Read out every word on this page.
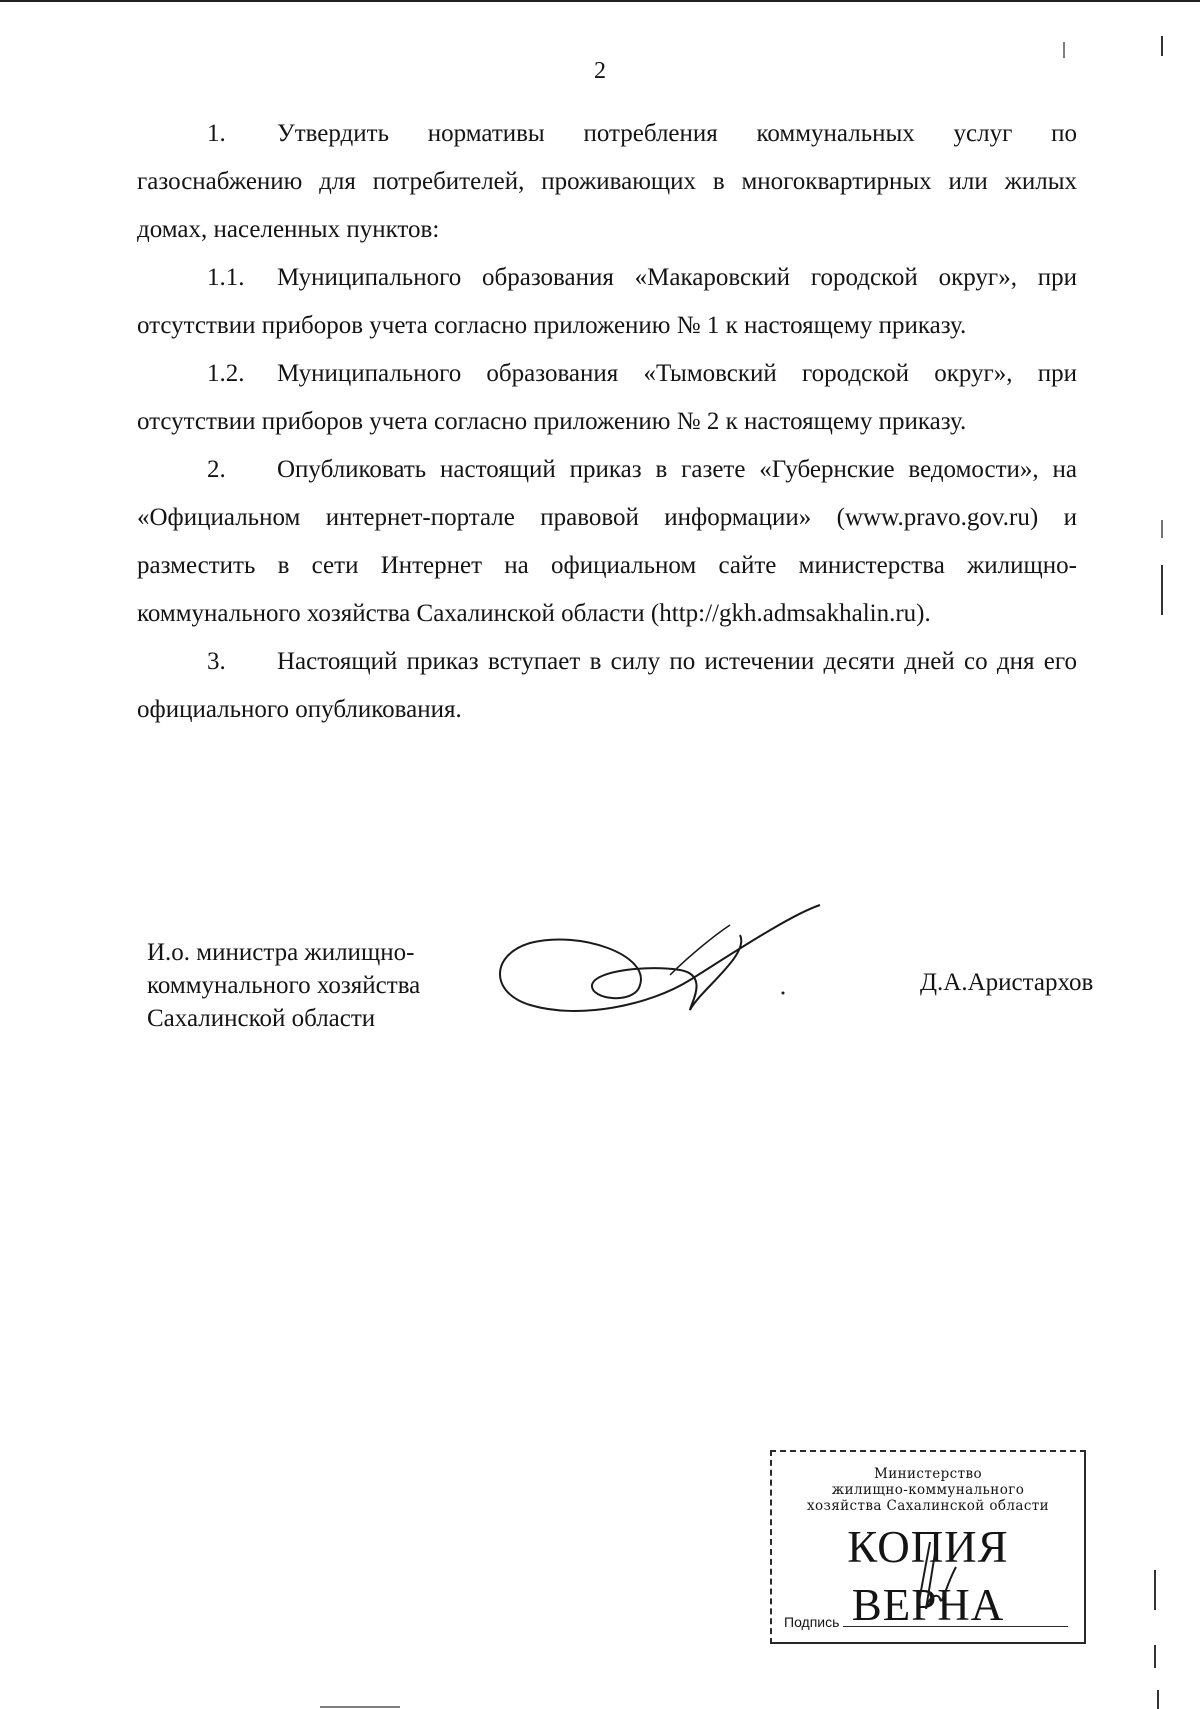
2

1. Утвердить нормативы потребления коммунальных услуг по газоснабжению для потребителей, проживающих в многоквартирных или жилых домах, населенных пунктов:

1.1. Муниципального образования «Макаровский городской округ», при отсутствии приборов учета согласно приложению № 1 к настоящему приказу.

1.2. Муниципального образования «Тымовский городской округ», при отсутствии приборов учета согласно приложению № 2 к настоящему приказу.

2. Опубликовать настоящий приказ в газете «Губернские ведомости», на «Официальном интернет-портале правовой информации» (www.pravo.gov.ru) и разместить в сети Интернет на официальном сайте министерства жилищно-коммунального хозяйства Сахалинской области (http://gkh.admsakhalin.ru).

3. Настоящий приказ вступает в силу по истечении десяти дней со дня его официального опубликования.

И.о. министра жилищно-
коммунального хозяйства
Сахалинской области
Д.А.Аристархов
Министерство
жилищно-коммунального
хозяйства Сахалинской области
КОПИЯ ВЕРНА
Подпись
